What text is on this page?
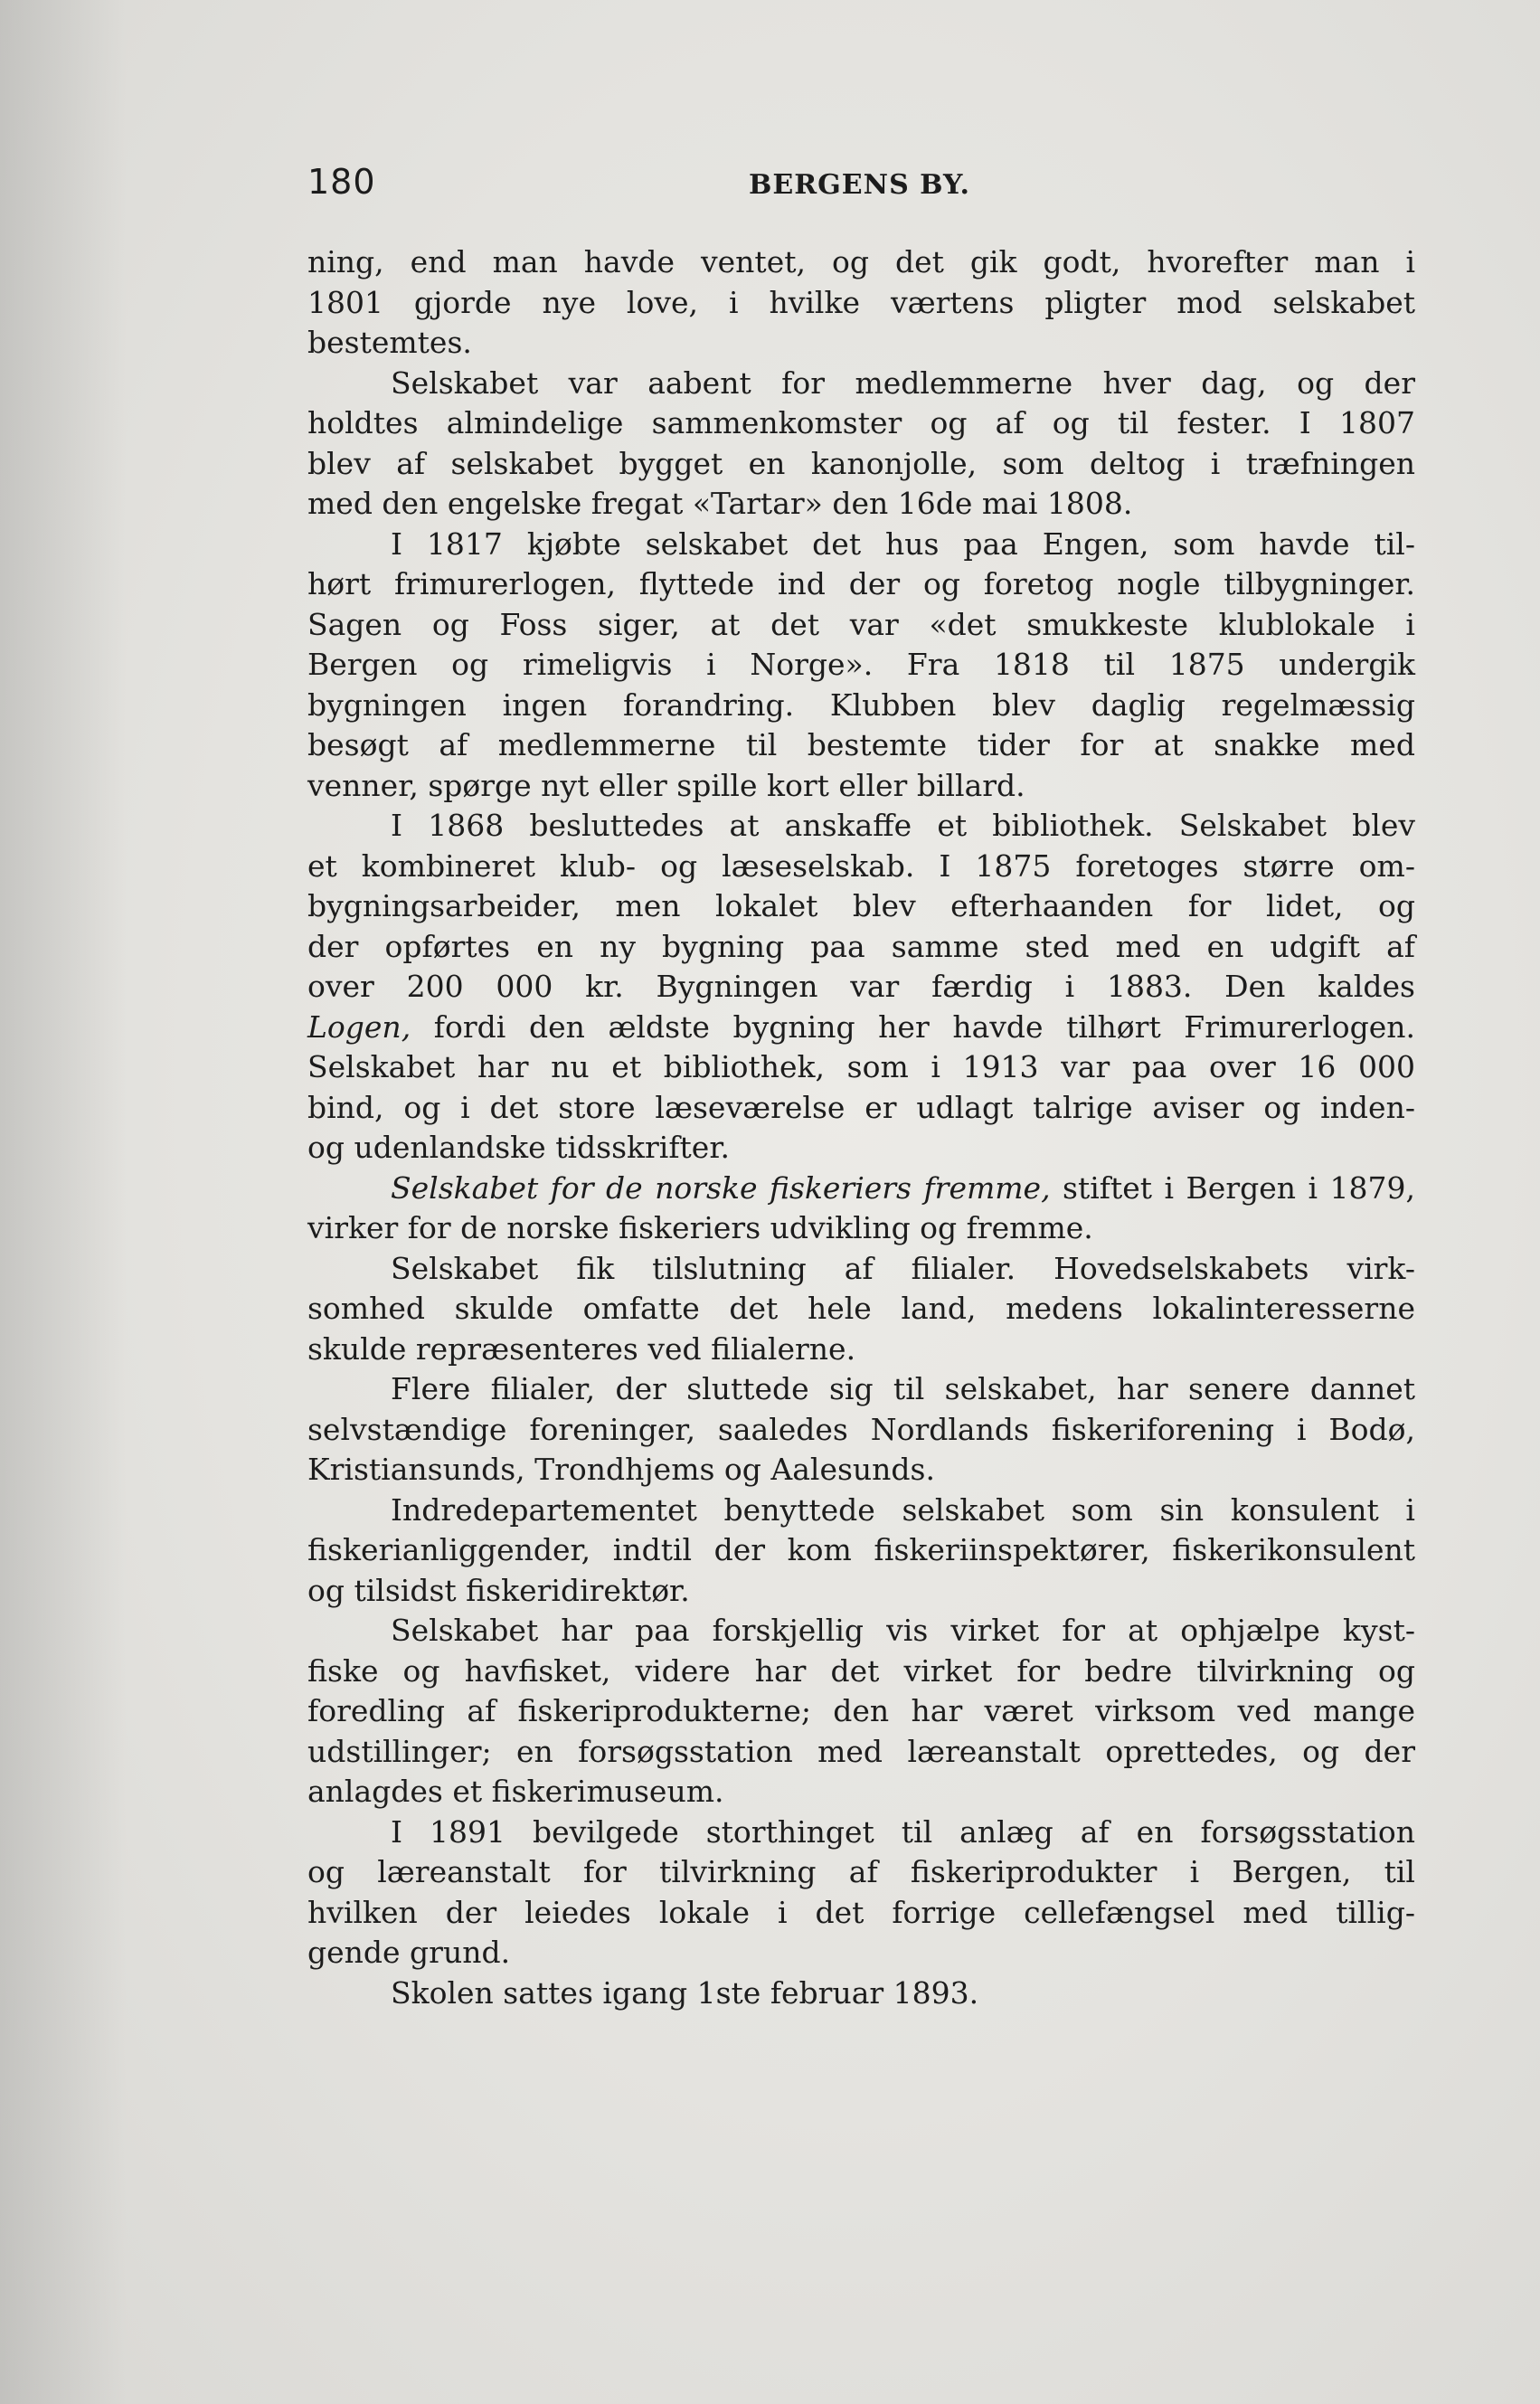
180	BERGENS BY.
ning, end man havde ventet, og det gik godt, hvorefter man i
1801 gjorde nye love, i hvilke værtens pligter mod selskabet
bestemtes.
Selskabet var aabent for medlemmerne hver dag, og der
holdtes almindelige sammenkomster og af og til fester. I 1807
blev af selskabet bygget en kanonjolle, som deltog i træfningen
med den engelske fregat «Tartar» den 16de mai 1808.
I 1817 kjøbte selskabet det hus paa Engen, som havde til-
hørt frimurerlogen, flyttede ind der og foretog nogle tilbygninger.
Sagen og Foss siger, at det var «det smukkeste klublokale i
Bergen og rimeligvis i Norge». Fra 1818 til 1875 undergik
bygningen ingen forandring. Klubben blev daglig regelmæssig
besøgt af medlemmerne til bestemte tider for at snakke med
venner, spørge nyt eller spille kort eller billard.
I 1868 besluttedes at anskaffe et bibliothek. Selskabet blev
et kombineret klub- og læseselskab. I 1875 foretoges større om-
bygningsarbeider, men lokalet blev efterhaanden for lidet, og
der opførtes en ny bygning paa samme sted med en udgift af
over 200 000 kr. Bygningen var færdig i 1883. Den kaldes
Logen, fordi den ældste bygning her havde tilhørt Frimurerlogen.
Selskabet har nu et bibliothek, som i 1913 var paa over 16 000
bind, og i det store læseværelse er udlagt talrige aviser og inden-
og udenlandske tidsskrifter.
Selskabet for de norske fiskeriers fremme, stiftet i Bergen i 1879,
virker for de norske fiskeriers udvikling og fremme.
Selskabet fik tilslutning af filialer. Hovedselskabets virk-
somhed skulde omfatte det hele land, medens lokalinteresserne
skulde repræsenteres ved filialerne.
Flere filialer, der sluttede sig til selskabet, har senere dannet
selvstændige foreninger, saaledes Nordlands fiskeriforening i Bodø,
Kristiansunds, Trondhjems og Aalesunds.
Indredepartementet benyttede selskabet som sin konsulent i
fiskerianliggender, indtil der kom fiskeriinspektører, fiskerikonsulent
og tilsidst fiskeridirektør.
Selskabet har paa forskjellig vis virket for at ophjælpe kyst-
fiske og havfisket, videre har det virket for bedre tilvirkning og
foredling af fiskeriprodukterne; den har været virksom ved mange
udstillinger; en forsøgsstation med læreanstalt oprettedes, og der
anlagdes et fiskerimuseum.
I 1891 bevilgede storthinget til anlæg af en forsøgsstation
og læreanstalt for tilvirkning af fiskeriprodukter i Bergen, til
hvilken der leiedes lokale i det forrige cellefængsel med tillig-
gende grund.
Skolen sattes igang 1ste februar 1893.
